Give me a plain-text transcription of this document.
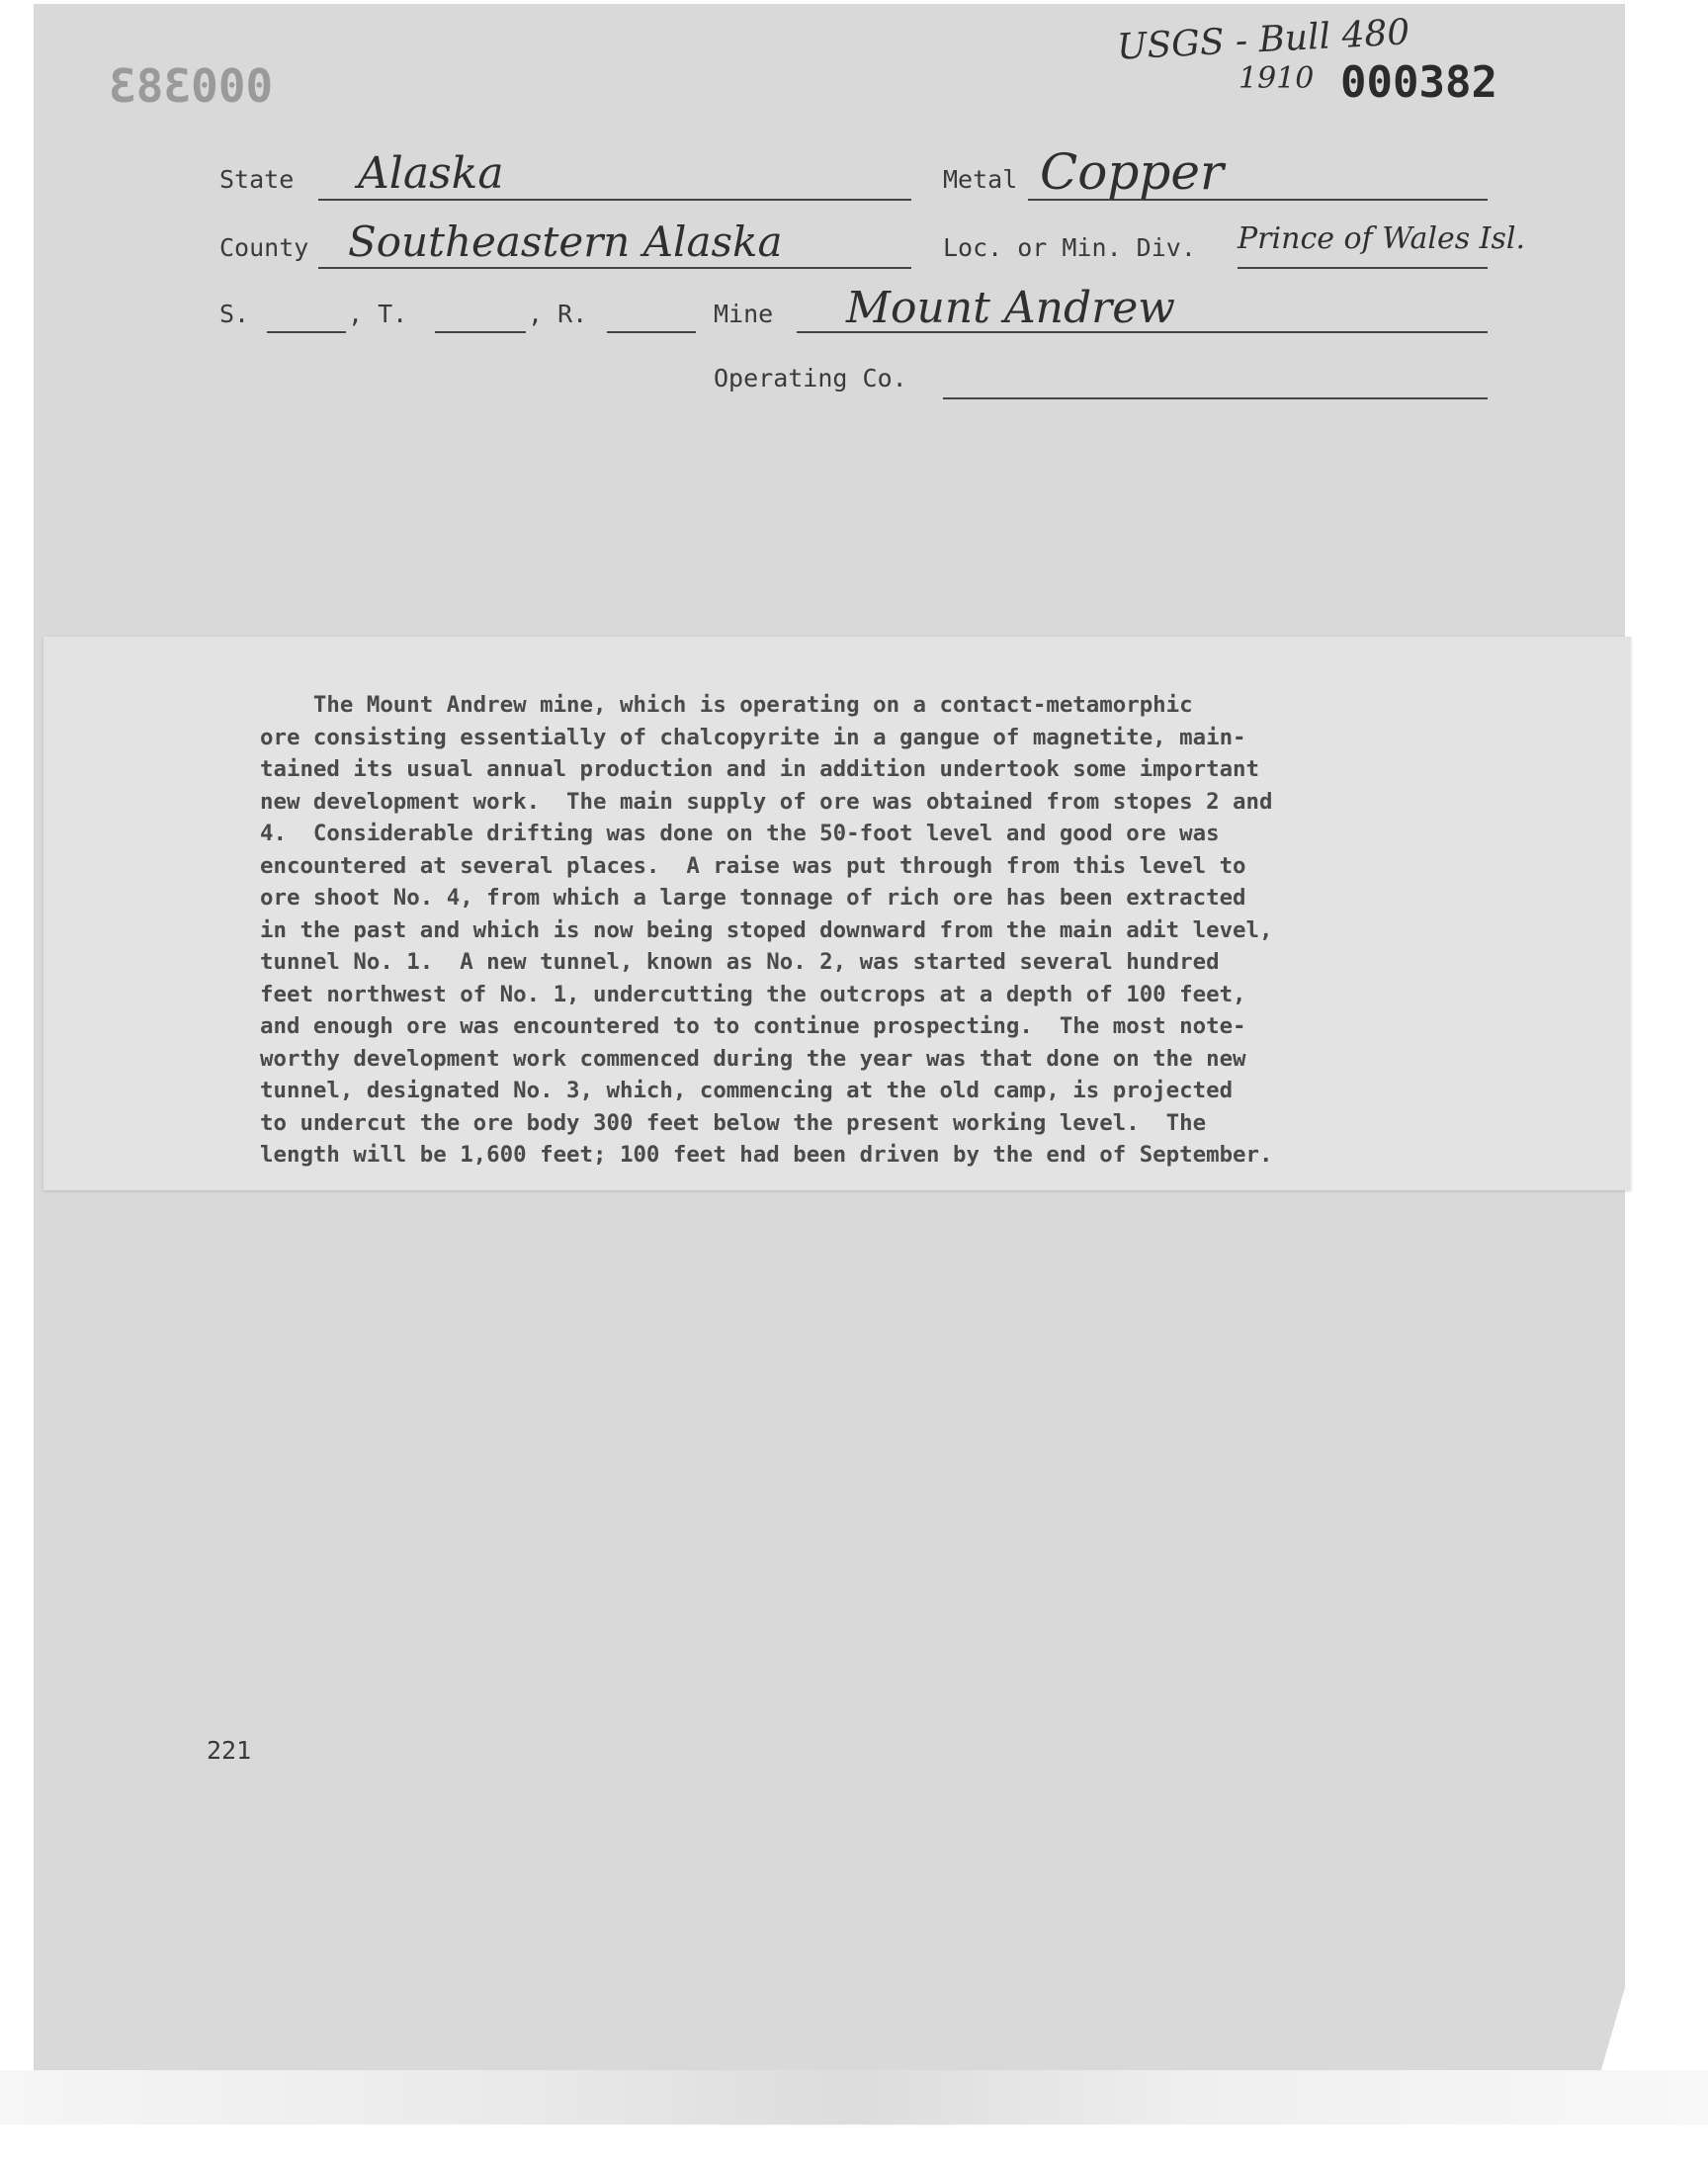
USGS - Bull 480
1910 000382
000383
State Alaska	Metal Copper
County Southeastern Alaska	Loc. or Min. Div. Prince of Wales Isl.
S.	, T.	, R.	Mine Mount Andrew
Operating Co.
The Mount Andrew mine, which is operating on a contact-metamorphic
ore consisting essentially of chalcopyrite in a gangue of magnetite, main-
tained its usual annual production and in addition undertook some important
new development work.  The main supply of ore was obtained from stopes 2 and
4.  Considerable drifting was done on the 50-foot level and good ore was
encountered at several places.  A raise was put through from this level to
ore shoot No. 4, from which a large tonnage of rich ore has been extracted
in the past and which is now being stoped downward from the main adit level,
tunnel No. 1.  A new tunnel, known as No. 2, was started several hundred
feet northwest of No. 1, undercutting the outcrops at a depth of 100 feet,
and enough ore was encountered to to continue prospecting.  The most note-
worthy development work commenced during the year was that done on the new
tunnel, designated No. 3, which, commencing at the old camp, is projected
to undercut the ore body 300 feet below the present working level.  The
length will be 1,600 feet; 100 feet had been driven by the end of September.
221
